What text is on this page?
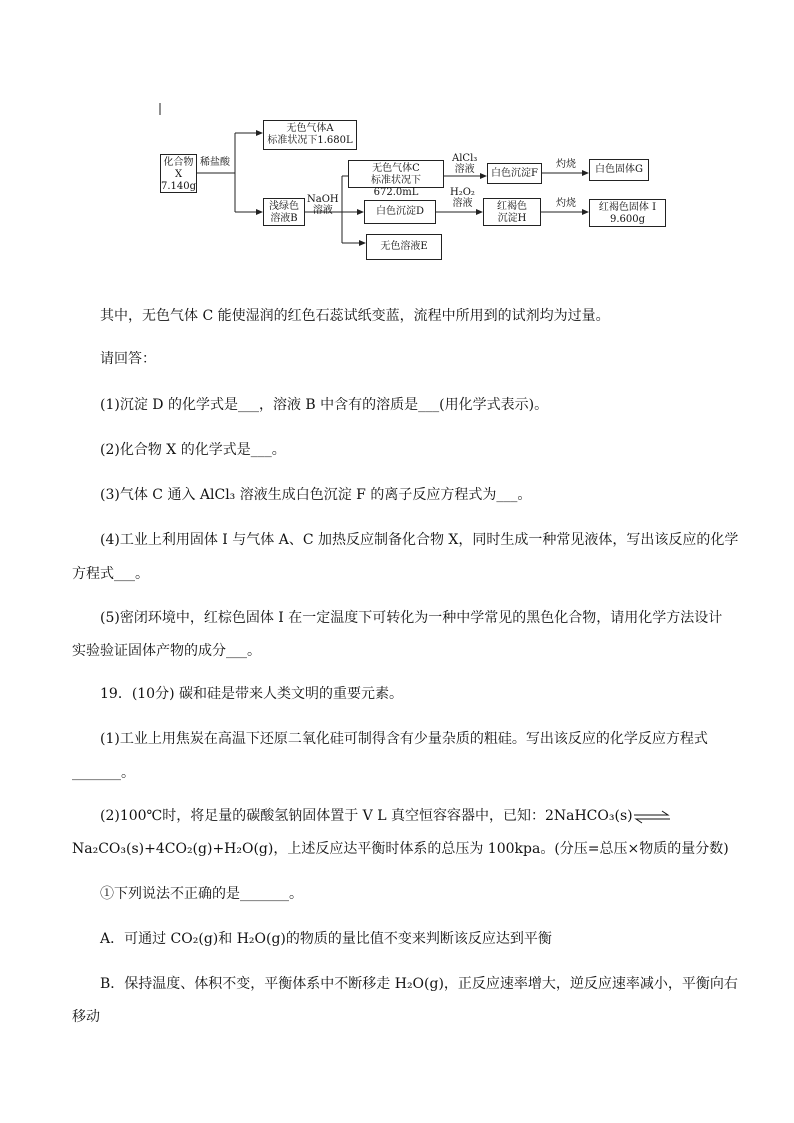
化合物
X
7.140g
稀盐酸
无色气体A
标准状况下1.680L
浅绿色
溶液B
NaOH
溶液
无色气体C
标准状况下672.0mL
AlCl₃
溶液	白色沉淀F
灼烧	白色固体G
白色沉淀D
H₂O₂
溶液	红褐色
沉淀H
灼烧	红褐色固体 I
9.600g
无色溶液E
其中，无色气体 C 能使湿润的红色石蕊试纸变蓝，流程中所用到的试剂均为过量。
请回答：
(1)沉淀 D 的化学式是___，溶液 B 中含有的溶质是___(用化学式表示)。
(2)化合物 X 的化学式是___。
(3)气体 C 通入 AlCl₃ 溶液生成白色沉淀 F 的离子反应方程式为___。
(4)工业上利用固体 I 与气体 A、C 加热反应制备化合物 X，同时生成一种常见液体，写出该反应的化学
方程式___。
(5)密闭环境中，红棕色固体 I 在一定温度下可转化为一种中学常见的黑色化合物，请用化学方法设计
实验验证固体产物的成分___。
19．(10分) 碳和硅是带来人类文明的重要元素。
(1)工业上用焦炭在高温下还原二氧化硅可制得含有少量杂质的粗硅。写出该反应的化学反应方程式
_______。
(2)100℃时，将足量的碳酸氢钠固体置于 V L 真空恒容容器中，已知：2NaHCO₃(s) ⇌
Na₂CO₃(s)+4CO₂(g)+H₂O(g)，上述反应达平衡时体系的总压为 100kpa。(分压=总压×物质的量分数)
①下列说法不正确的是_______。
A．可通过 CO₂(g)和 H₂O(g)的物质的量比值不变来判断该反应达到平衡
B．保持温度、体积不变，平衡体系中不断移走 H₂O(g)，正反应速率增大，逆反应速率减小，平衡向右
移动
